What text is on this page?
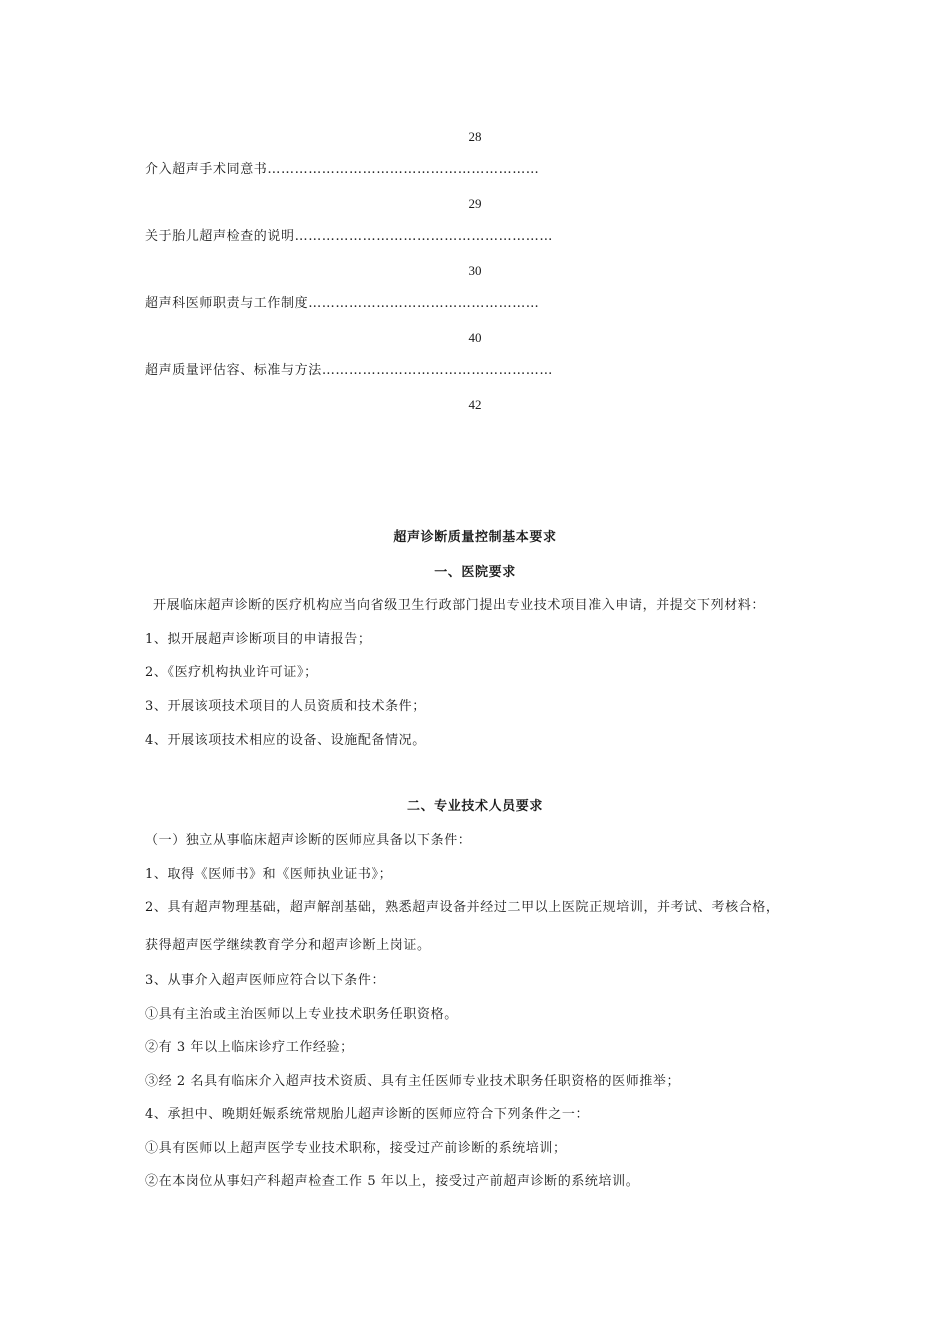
28
介入超声手术同意书……………………………………………………
29
关于胎儿超声检查的说明…………………………………………………
30
超声科医师职责与工作制度……………………………………………
40
超声质量评估容、标准与方法……………………………………………
42
超声诊断质量控制基本要求
一、医院要求
开展临床超声诊断的医疗机构应当向省级卫生行政部门提出专业技术项目准入申请，并提交下列材料：
1、拟开展超声诊断项目的申请报告；
2、《医疗机构执业许可证》；
3、开展该项技术项目的人员资质和技术条件；
4、开展该项技术相应的设备、设施配备情况。
二、专业技术人员要求
（一）独立从事临床超声诊断的医师应具备以下条件：
1、取得《医师书》和《医师执业证书》；
2、具有超声物理基础，超声解剖基础，熟悉超声设备并经过二甲以上医院正规培训，并考试、考核合格，
获得超声医学继续教育学分和超声诊断上岗证。
3、从事介入超声医师应符合以下条件：
①具有主治或主治医师以上专业技术职务任职资格。
②有 3 年以上临床诊疗工作经验；
③经 2 名具有临床介入超声技术资质、具有主任医师专业技术职务任职资格的医师推举；
4、承担中、晚期妊娠系统常规胎儿超声诊断的医师应符合下列条件之一：
①具有医师以上超声医学专业技术职称，接受过产前诊断的系统培训；
②在本岗位从事妇产科超声检查工作 5 年以上，接受过产前超声诊断的系统培训。
